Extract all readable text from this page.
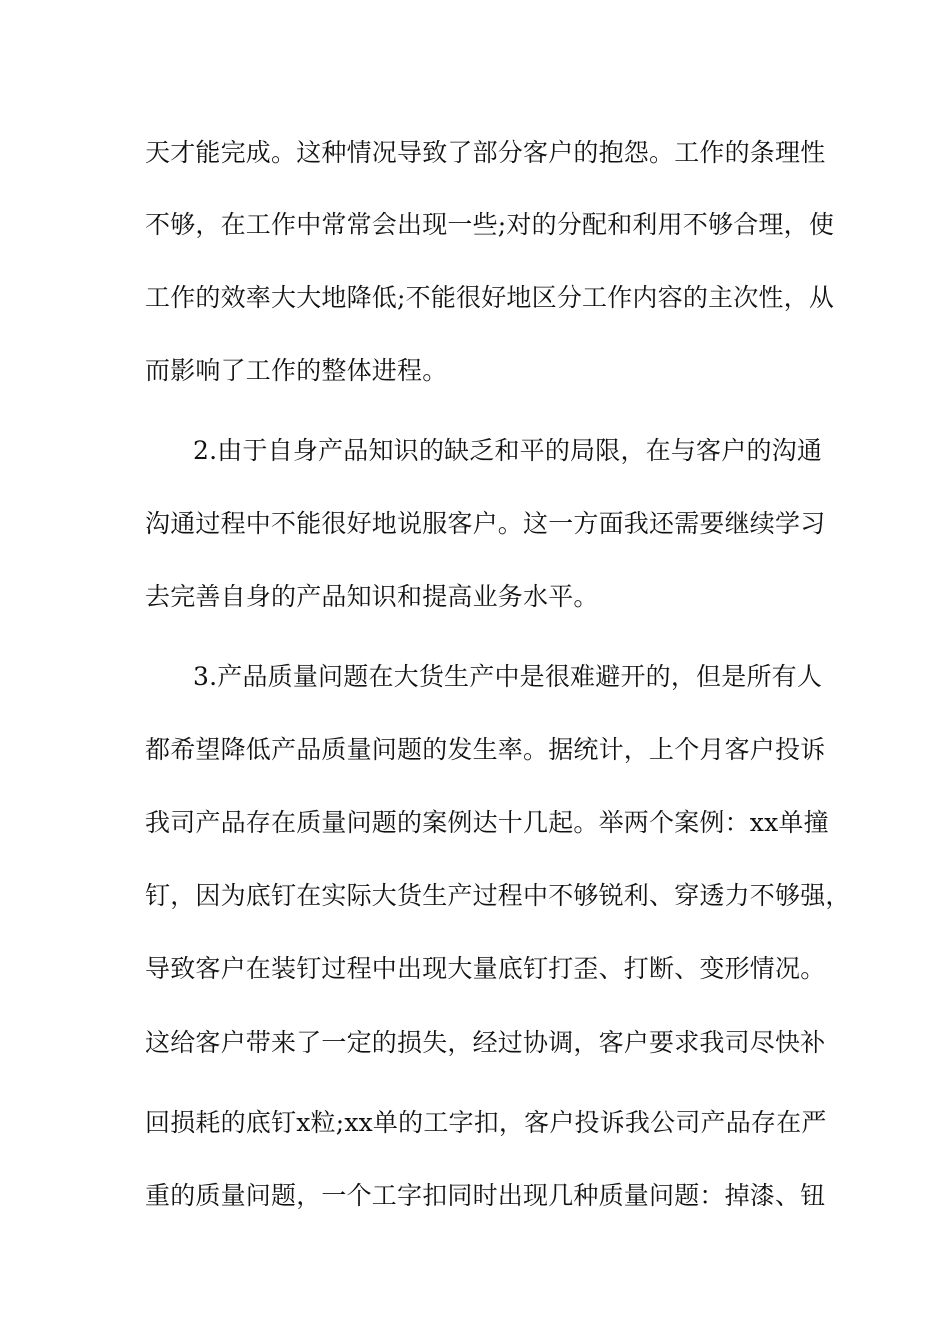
天才能完成。这种情况导致了部分客户的抱怨。工作的条理性
不够，在工作中常常会出现一些;对的分配和利用不够合理，使
工作的效率大大地降低;不能很好地区分工作内容的主次性，从
而影响了工作的整体进程。
2.由于自身产品知识的缺乏和平的局限，在与客户的沟通
沟通过程中不能很好地说服客户。这一方面我还需要继续学习
去完善自身的产品知识和提高业务水平。
3.产品质量问题在大货生产中是很难避开的，但是所有人
都希望降低产品质量问题的发生率。据统计，上个月客户投诉
我司产品存在质量问题的案例达十几起。举两个案例：xx单撞
钉，因为底钉在实际大货生产过程中不够锐利、穿透力不够强，
导致客户在装钉过程中出现大量底钉打歪、打断、变形情况。
这给客户带来了一定的损失，经过协调，客户要求我司尽快补
回损耗的底钉x粒;xx单的工字扣，客户投诉我公司产品存在严
重的质量问题，一个工字扣同时出现几种质量问题：掉漆、钮
